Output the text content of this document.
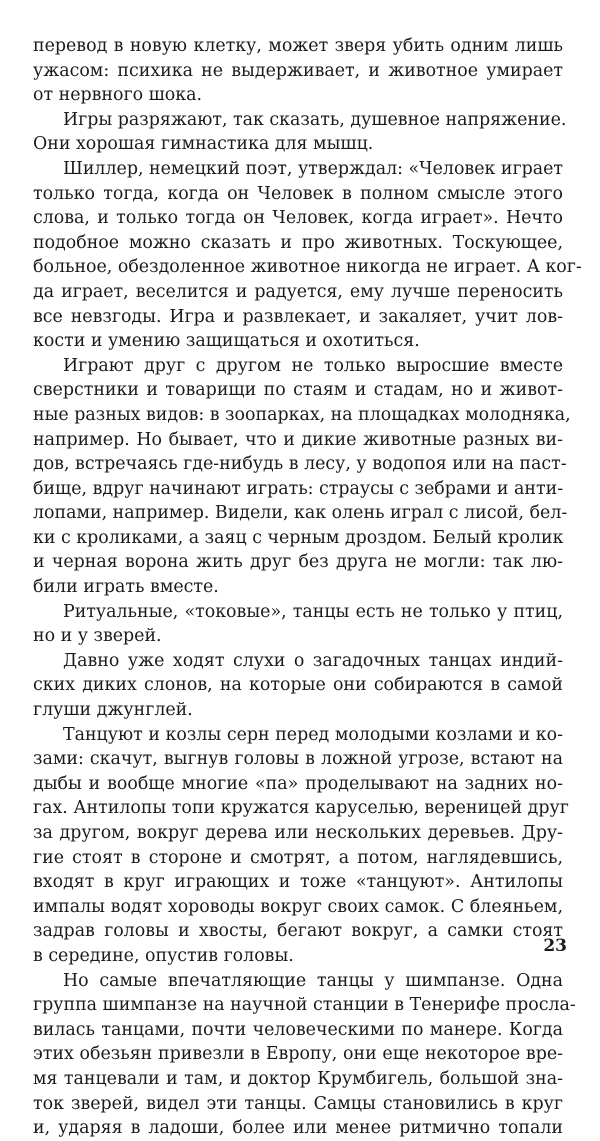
перевод в новую клетку, может зверя убить одним лишь
ужасом: психика не выдерживает, и животное умирает
от нервного шока.
Игры разряжают, так сказать, душевное напряжение.
Они хорошая гимнастика для мышц.
Шиллер, немецкий поэт, утверждал: «Человек играет
только тогда, когда он Человек в полном смысле этого
слова, и только тогда он Человек, когда играет». Нечто
подобное можно сказать и про животных. Тоскующее,
больное, обездоленное животное никогда не играет. А ког-
да играет, веселится и радуется, ему лучше переносить
все невзгоды. Игра и развлекает, и закаляет, учит лов-
кости и умению защищаться и охотиться.
Играют друг с другом не только выросшие вместе
сверстники и товарищи по стаям и стадам, но и живот-
ные разных видов: в зоопарках, на площадках молодняка,
например. Но бывает, что и дикие животные разных ви-
дов, встречаясь где-нибудь в лесу, у водопоя или на паст-
бище, вдруг начинают играть: страусы с зебрами и анти-
лопами, например. Видели, как олень играл с лисой, бел-
ки с кроликами, а заяц с черным дроздом. Белый кролик
и черная ворона жить друг без друга не могли: так лю-
били играть вместе.
Ритуальные, «токовые», танцы есть не только у птиц,
но и у зверей.
Давно уже ходят слухи о загадочных танцах индий-
ских диких слонов, на которые они собираются в самой
глуши джунглей.
Танцуют и козлы серн перед молодыми козлами и ко-
зами: скачут, выгнув головы в ложной угрозе, встают на
дыбы и вообще многие «па» проделывают на задних но-
гах. Антилопы топи кружатся каруселью, вереницей друг
за другом, вокруг дерева или нескольких деревьев. Дру-
гие стоят в стороне и смотрят, а потом, наглядевшись,
входят в круг играющих и тоже «танцуют». Антилопы
импалы водят хороводы вокруг своих самок. С блеяньем,
задрав головы и хвосты, бегают вокруг, а самки стоят
в середине, опустив головы.
Но самые впечатляющие танцы у шимпанзе. Одна
группа шимпанзе на научной станции в Тенерифе просла-
вилась танцами, почти человеческими по манере. Когда
этих обезьян привезли в Европу, они еще некоторое вре-
мя танцевали и там, и доктор Крумбигель, большой зна-
ток зверей, видел эти танцы. Самцы становились в круг
и, ударяя в ладоши, более или менее ритмично топали
23
